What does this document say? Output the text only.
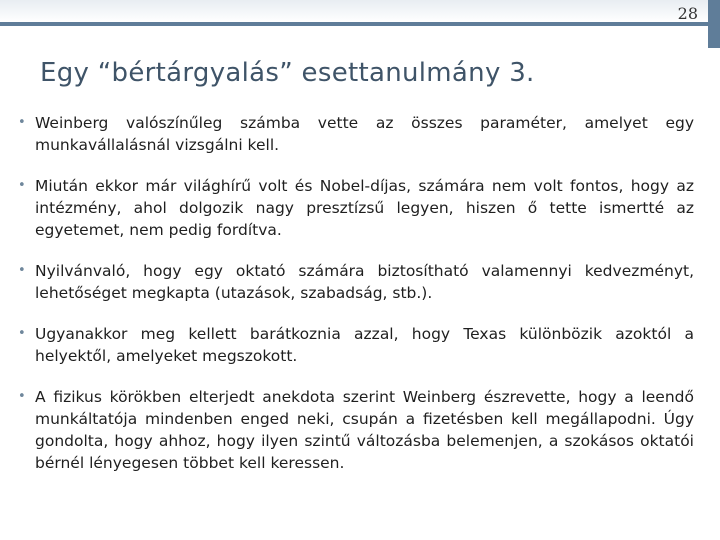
28
Egy “bértárgyalás” esettanulmány 3.
• Weinberg valószínűleg számba vette az összes paraméter, amelyet egy munkavállalásnál vizsgálni kell.
• Miután ekkor már világhírű volt és Nobel-díjas, számára nem volt fontos, hogy az intézmény, ahol dolgozik nagy presztízsű legyen, hiszen ő tette ismertté az egyetemet, nem pedig fordítva.
• Nyilvánvaló, hogy egy oktató számára biztosítható valamennyi kedvezményt, lehetőséget megkapta (utazások, szabadság, stb.).
• Ugyanakkor meg kellett barátkoznia azzal, hogy Texas különbözik azoktól a helyektől, amelyeket megszokott.
• A fizikus körökben elterjedt anekdota szerint Weinberg észrevette, hogy a leendő munkáltatója mindenben enged neki, csupán a fizetésben kell megállapodni. Úgy gondolta, hogy ahhoz, hogy ilyen szintű változásba belemenjen, a szokásos oktatói bérnél lényegesen többet kell keressen.
